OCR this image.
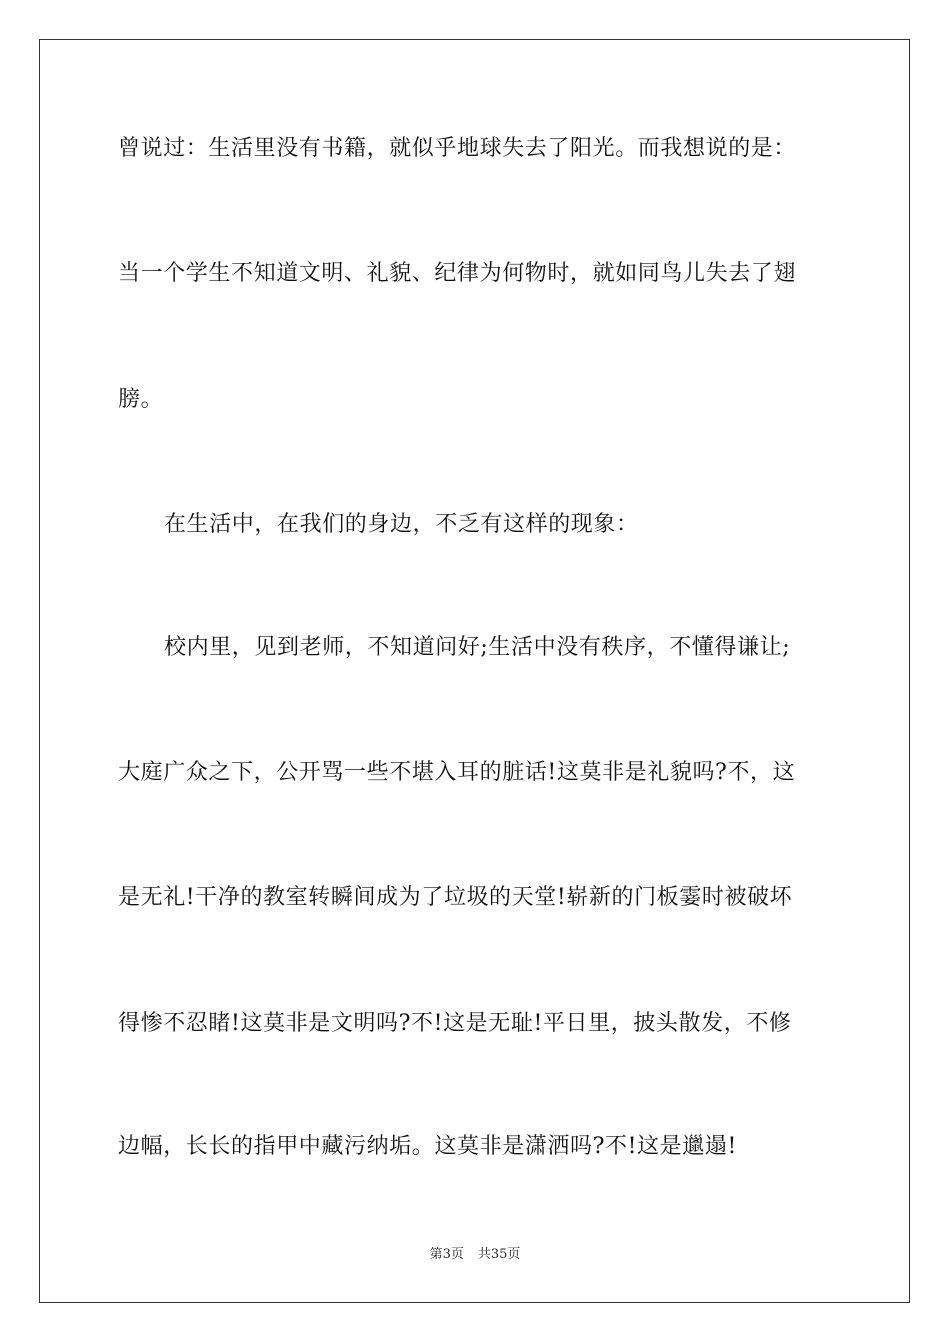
曾说过：生活里没有书籍，就似乎地球失去了阳光。而我想说的是：
当一个学生不知道文明、礼貌、纪律为何物时，就如同鸟儿失去了翅
膀。
在生活中，在我们的身边，不乏有这样的现象：
校内里，见到老师，不知道问好;生活中没有秩序，不懂得谦让;
大庭广众之下，公开骂一些不堪入耳的脏话!这莫非是礼貌吗?不，这
是无礼!干净的教室转瞬间成为了垃圾的天堂!崭新的门板霎时被破坏
得惨不忍睹!这莫非是文明吗?不!这是无耻!平日里，披头散发，不修
边幅，长长的指甲中藏污纳垢。这莫非是潇洒吗?不!这是邋遢!
第3页 共35页
